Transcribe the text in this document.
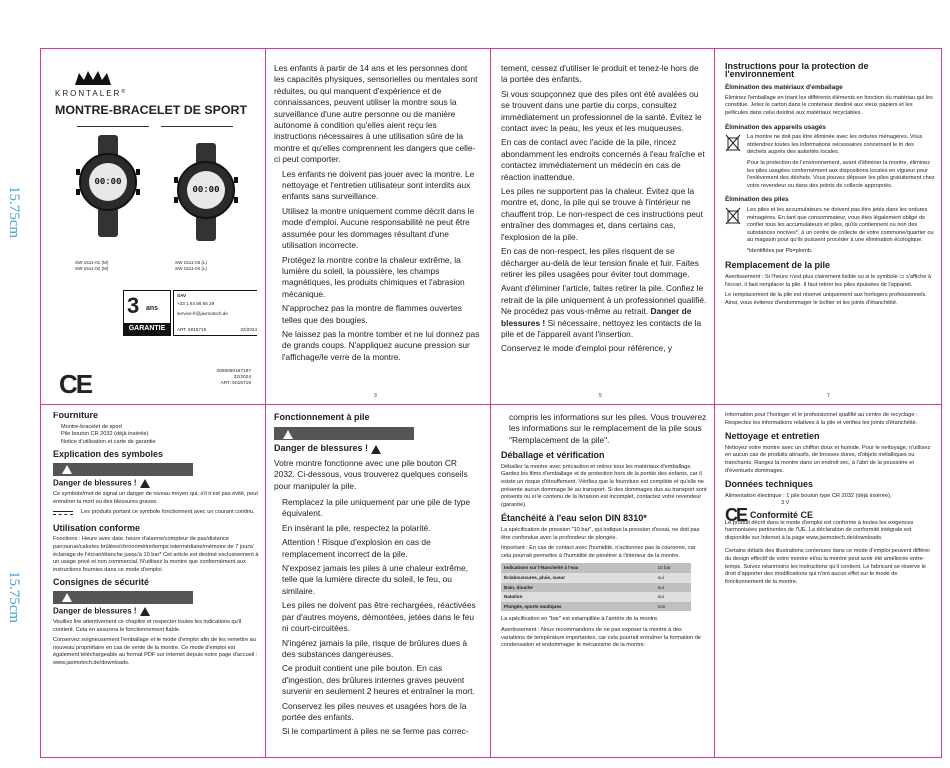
15.75cm
15.75cm
KRONTALER®
MONTRE-BRACELET DE SPORT
00:00
00:00
SW 1511-01 (M)
SW 1511-02 (M)
SW 1511-03 (L)
SW 1511-04 (L)
3 ans
GARANTIE
SAV
+33 1 84 86 65 29
service-fr@jaxmotech.de
ART. 5016719	32/2024
CE	2006050167197
32/2024
ART. 5016719

Les enfants à partir de 14 ans et les personnes dont les capacités physiques, sensorielles ou mentales sont réduites, ou qui manquent d'expérience et de connaissances, peuvent utiliser la montre sous la surveillance d'une autre personne ou de manière autonome à condition qu'elles aient reçu les instructions nécessaires à une utilisation sûre de la montre et qu'elles comprennent les dangers que celle-ci peut comporter.

Les enfants ne doivent pas jouer avec la montre. Le nettoyage et l'entretien utilisateur sont interdits aux enfants sans surveillance.

Utilisez la montre uniquement comme décrit dans le mode d'emploi. Aucune responsabilité ne peut être assumée pour les dommages résultant d'une utilisation incorrecte.

Protégez la montre contre la chaleur extrême, la lumière du soleil, la poussière, les champs magnétiques, les produits chimiques et l'abrasion mécanique.

N'approchez pas la montre de flammes ouvertes telles que des bougies.

Ne laissez pas la montre tomber et ne lui donnez pas de grands coups. N'appliquez aucune pression sur l'affichage/le verre de la montre.

3

tement, cessez d'utiliser le produit et tenez-le hors de la portée des enfants.

Si vous soupçonnez que des piles ont été avalées ou se trouvent dans une partie du corps, consultez immédiatement un professionnel de la santé. Évitez le contact avec la peau, les yeux et les muqueuses.

En cas de contact avec l'acide de la pile, rincez abondamment les endroits concernés à l'eau fraîche et contactez immédiatement un médecin en cas de réaction inattendue.

Les piles ne supportent pas la chaleur. Évitez que la montre et, donc, la pile qui se trouve à l'intérieur ne chauffent trop. Le non-respect de ces instructions peut entraîner des dommages et, dans certains cas, l'explosion de la pile.

En cas de non-respect, les piles risquent de se décharger au-delà de leur tension finale et fuir. Faites retirer les piles usagées pour éviter tout dommage.

Avant d'éliminer l'article, faites retirer la pile. Confiez le retrait de la pile uniquement à un professionnel qualifié. Ne procédez pas vous-même au retrait. Danger de blessures ! Si nécessaire, nettoyez les contacts de la pile et de l'appareil avant l'insertion.

Conservez le mode d'emploi pour référence, y

5
Instructions pour la protection de l'environnement
Élimination des matériaux d'emballage

Éliminez l'emballage en triant les différents éléments en fonction du matériau qui les constitue. Jetez le carton dans le conteneur destiné aux vieux papiers et les pellicules dans celui destiné aux matériaux recyclables.

Élimination des appareils usagés

La montre ne doit pas être éliminée avec les ordures ménagères. Vous obtiendrez toutes les informations nécessaires concernant le tri des déchets auprès des autorités locales.

Pour la protection de l'environnement, avant d'éliminer la montre, éliminez les piles usagées conformément aux dispositions locales en vigueur pour l'enlèvement des déchets. Vous pouvez déposer les piles gratuitement chez votre revendeur ou dans des points de collecte appropriés.

Élimination des piles

Les piles et les accumulateurs ne doivent pas être jetés dans les ordures ménagères. En tant que consommateur, vous êtes légalement obligé de confier tous les accumulateurs et piles, qu'ils contiennent ou non des substances nocives*, à un centre de collecte de votre commune/quartier ou au magasin pour qu'ils puissent procéder à une élimination écologique.

*identifiées par Pb=plomb.

Remplacement de la pile

Avertissement : Si l'heure n'est plus clairement lisible ou si le symbole ▭ s'affiche à l'écran, il faut remplacer la pile. Il faut retirer les piles épuisées de l'appareil.

Le remplacement de la pile est réservé uniquement aux horlogers professionnels. Ainsi, vous éviterez d'endommager le boîtier et les joints d'étanchéité.

7
Fourniture
Montre-bracelet de sport
Pile bouton CR 2032 (déjà insérée)
Notice d'utilisation et carte de garantie
Explication des symboles
Danger de blessures !

Ce symbole/mot de signal un danger de niveau moyen qui, s'il n'est pas évité, peut entraîner la mort ou des blessures graves.

Les produits portant ce symbole fonctionnent avec un courant continu.

Utilisation conforme

Fonctions : Heure avec date, heure d'alarme/compteur de pas/distance parcourue/calories brûlées/chronomètre/temps intermédiaire/mémoire de 7 jours/éclairage de l'écran/étanche jusqu'à 10 bar* Cet article est destiné exclusivement à un usage privé et non commercial. N'utilisez la montre que conformément aux instructions fournies dans ce mode d'emploi.

Consignes de sécurité
Danger de blessures !

Veuillez lire attentivement ce chapitre et respecter toutes les indications qu'il contient. Cela en assurera le fonctionnement fiable.

Conservez soigneusement l'emballage et le mode d'emploi afin de les remettre au nouveau propriétaire en cas de vente de la montre. Ce mode d'emploi est également téléchargeable au format PDF sur internet depuis notre page d'accueil : www.jaxmotech.de/downloads.

Fonctionnement à pile
Danger de blessures !

Votre montre fonctionne avec une pile bouton CR 2032. Ci-dessous, vous trouverez quelques conseils pour manipuler la pile.

Remplacez la pile uniquement par une pile de type équivalent.

En insérant la pile, respectez la polarité.

Attention ! Risque d'explosion en cas de remplacement incorrect de la pile.

N'exposez jamais les piles à une chaleur extrême, telle que la lumière directe du soleil, le feu, ou similaire.

Les piles ne doivent pas être rechargées, réactivées par d'autres moyens, démontées, jetées dans le feu ni court-circuitées.

N'ingérez jamais la pile, risque de brûlures dues à des substances dangereuses.

Ce produit contient une pile bouton. En cas d'ingestion, des brûlures internes graves peuvent survenir en seulement 2 heures et entraîner la mort.

Conservez les piles neuves et usagées hors de la portée des enfants.

Si le compartiment à piles ne se ferme pas correc-

compris les informations sur les piles. Vous trouverez les informations sur le remplacement de la pile sous "Remplacement de la pile".

Déballage et vérification

Déballez la montre avec précaution et retirez tous les matériaux d'emballage. Gardez les films d'emballage et de protection hors de la portée des enfants, car il existe un risque d'étouffement. Vérifiez que la fourniture est complète et qu'elle ne présente aucun dommage lié au transport. Si des dommages dus au transport sont présents ou si le contenu de la livraison est incomplet, contactez votre revendeur (garantie).

Étanchéité à l'eau selon DIN 8310*

La spécification de pression "10 bar", qui indique la pression d'essai, ne doit pas être confondue avec la profondeur de plongée.

Important : En cas de contact avec l'humidité, n'actionnez pas la couronne, car cela pourrait permettre à l'humidité de pénétrer à l'intérieur de la montre.

Indications sur l'étanchéité à l'eau	10 bar
Éclaboussures, pluie, sueur	oui
Bain, douche	oui
Natation	oui
Plongée, sports nautiques	non

La spécification en "bar" est estampillée à l'arrière de la montre.

Avertissement : Nous recommandons de ne pas exposer la montre à des variations de température importantes, car cela pourrait entraîner la formation de condensation et endommager le mécanisme de la montre.

Information pour l'horloger et le professionnel qualifié au centre de recyclage : Respectez les informations relatives à la pile et vérifiez les joints d'étanchéité.

Nettoyage et entretien

Nettoyez votre montre avec un chiffon doux et humide. Pour le nettoyage, n'utilisez en aucun cas de produits abrasifs, de brosses dures, d'objets métalliques ou tranchants. Rangez la montre dans un endroit sec, à l'abri de la poussière et d'éventuels dommages.

Données techniques

Alimentation électrique : 1 pile bouton type CR 2032 (déjà insérée),
3 V

CE Conformité CE

Le produit décrit dans le mode d'emploi est conforme à toutes les exigences harmonisées pertinentes de l'UE. La déclaration de conformité intégrale est disponible sur Internet à la page www.jaxmotech.de/downloads.

Certains détails des illustrations contenues dans ce mode d'emploi peuvent différer du design effectif de votre montre et/ou la montre peut avoir été améliorée entre-temps. Suivez néanmoins les instructions qu'il contient. Le fabricant se réserve le droit d'apporter des modifications qui n'ont aucun effet sur le mode de fonctionnement de la montre.
